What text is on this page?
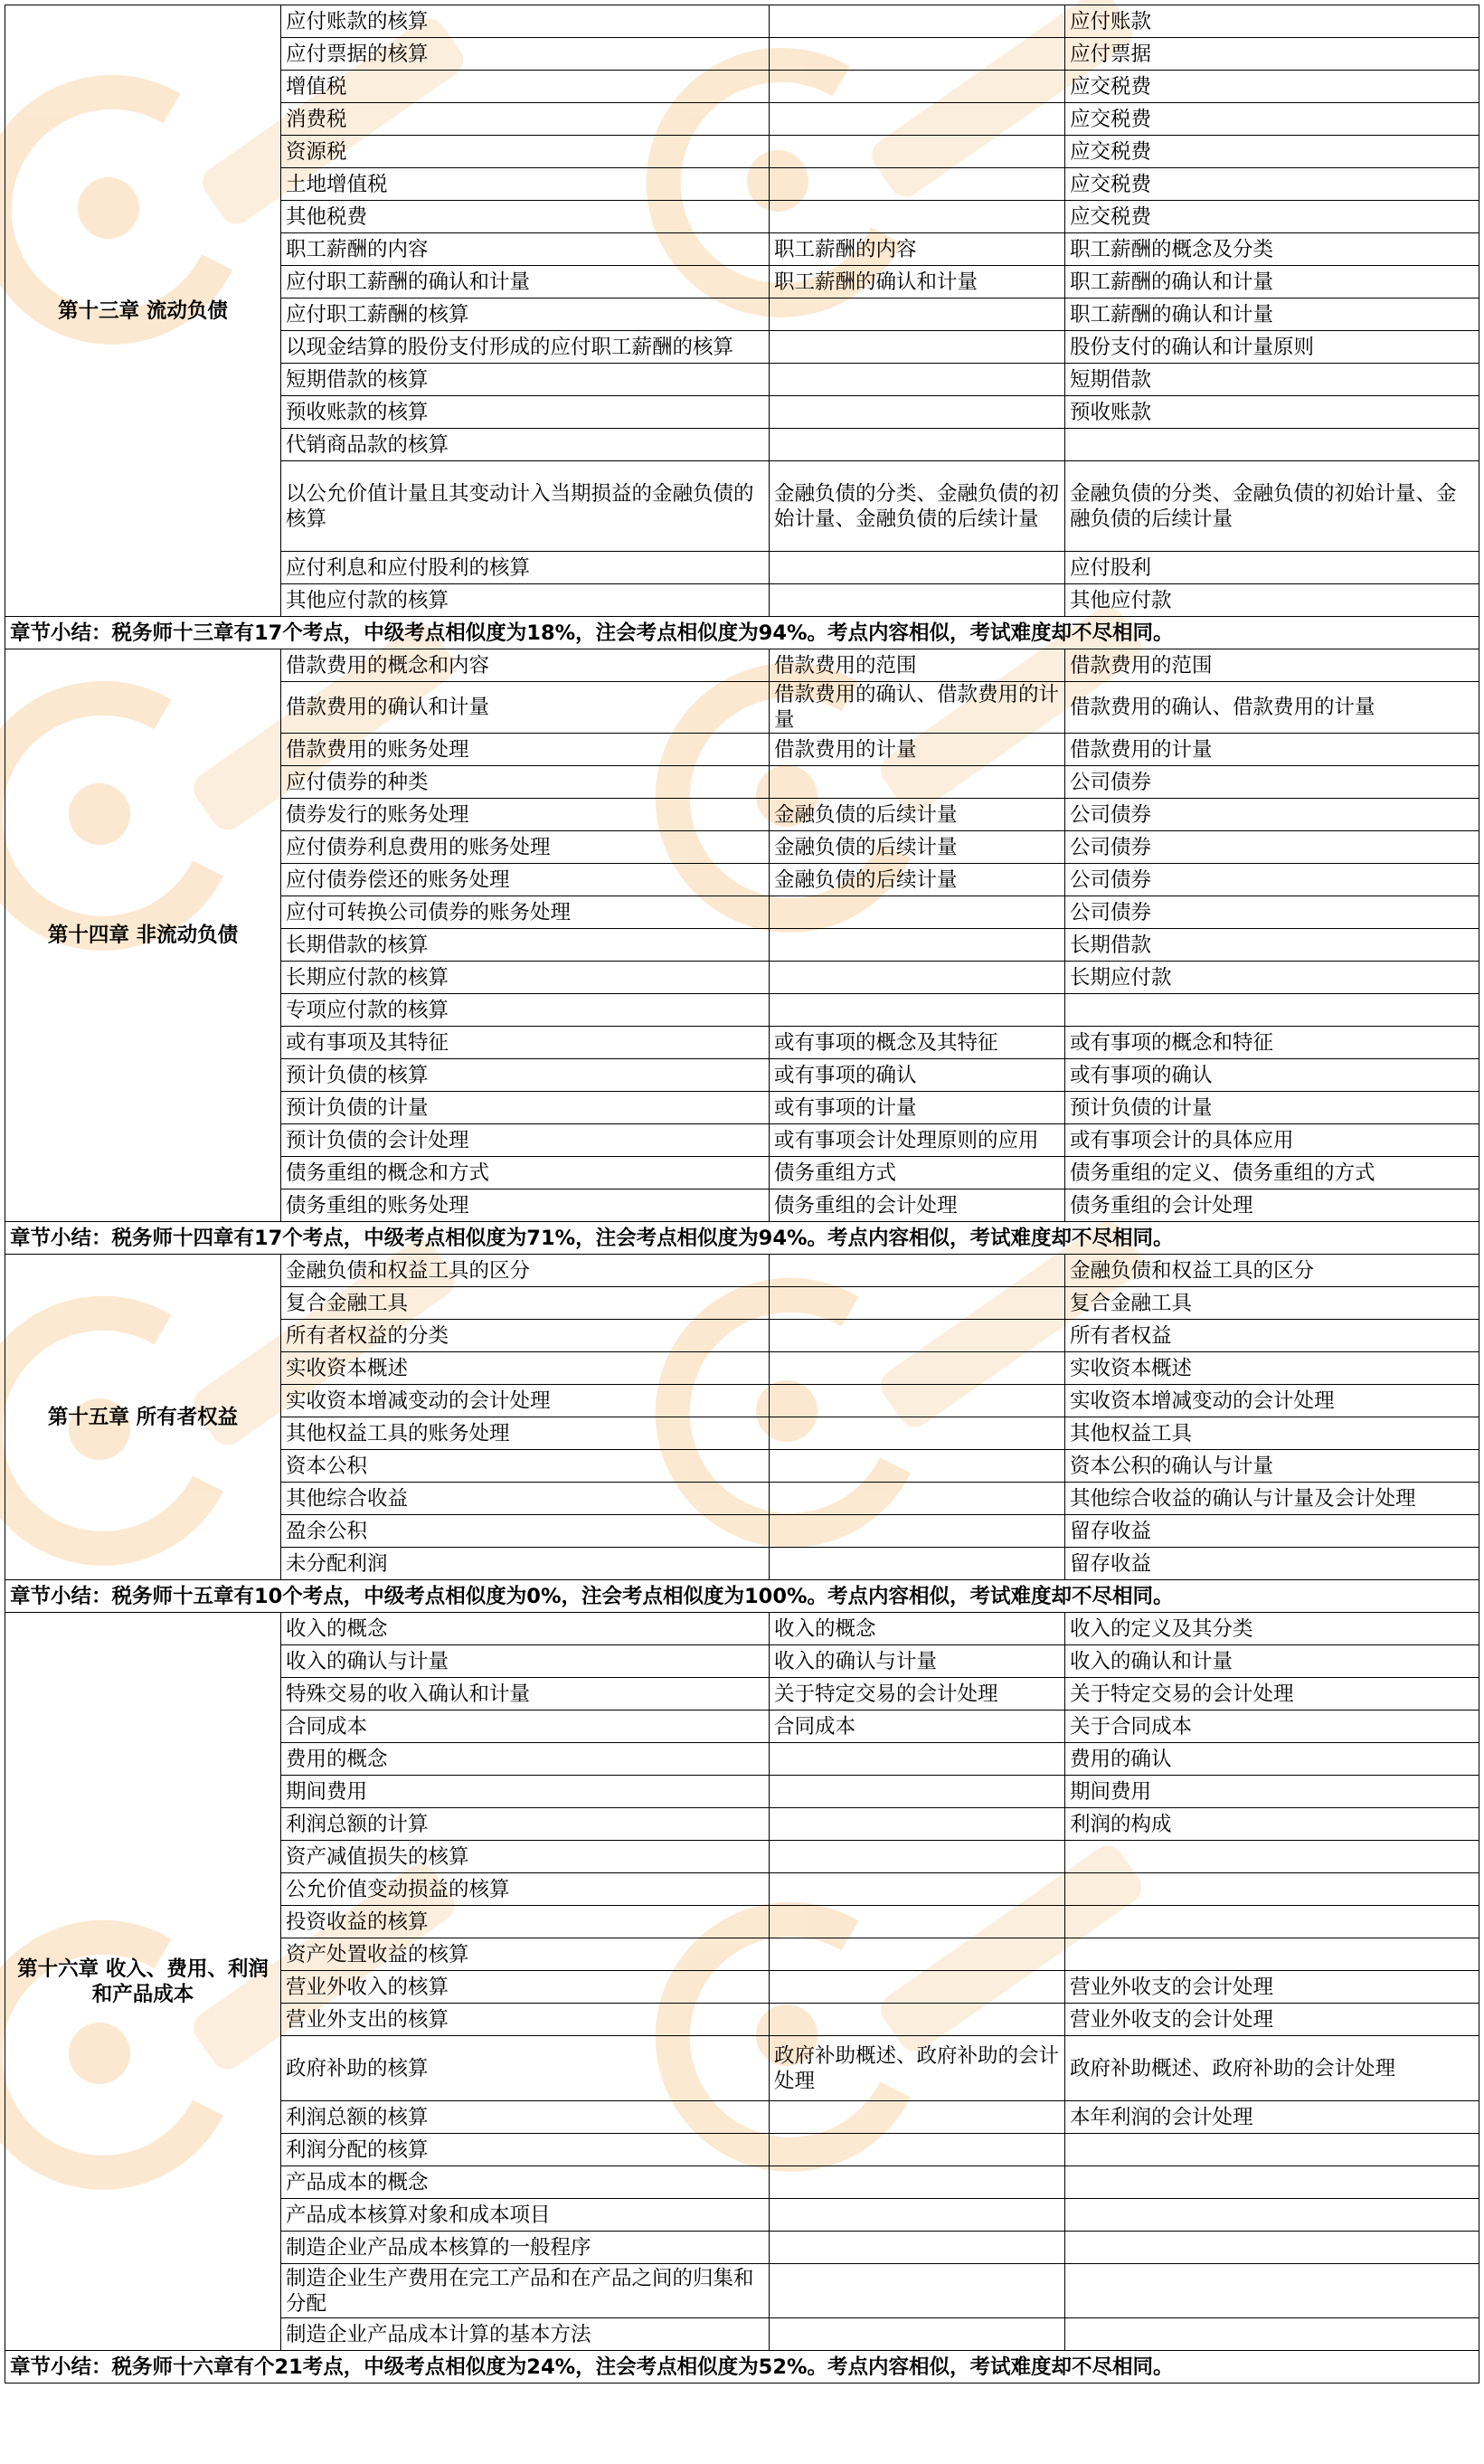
第十三章 流动负债	应付账款的核算		应付账款
	应付票据的核算		应付票据
	增值税		应交税费
	消费税		应交税费
	资源税		应交税费
	土地增值税		应交税费
	其他税费		应交税费
	职工薪酬的内容	职工薪酬的内容	职工薪酬的概念及分类
	应付职工薪酬的确认和计量	职工薪酬的确认和计量	职工薪酬的确认和计量
	应付职工薪酬的核算		职工薪酬的确认和计量
	以现金结算的股份支付形成的应付职工薪酬的核算		股份支付的确认和计量原则
	短期借款的核算		短期借款
	预收账款的核算		预收账款
	代销商品款的核算		
	以公允价值计量且其变动计入当期损益的金融负债的核算	金融负债的分类、金融负债的初始计量、金融负债的后续计量	金融负债的分类、金融负债的初始计量、金融负债的后续计量
	应付利息和应付股利的核算		应付股利
	其他应付款的核算		其他应付款
章节小结：税务师十三章有17个考点，中级考点相似度为18%，注会考点相似度为94%。考点内容相似，考试难度却不尽相同。			
第十四章 非流动负债	借款费用的概念和内容	借款费用的范围	借款费用的范围
	借款费用的确认和计量	借款费用的确认、借款费用的计量	借款费用的确认、借款费用的计量
	借款费用的账务处理	借款费用的计量	借款费用的计量
	应付债券的种类		公司债券
	债券发行的账务处理	金融负债的后续计量	公司债券
	应付债券利息费用的账务处理	金融负债的后续计量	公司债券
	应付债券偿还的账务处理	金融负债的后续计量	公司债券
	应付可转换公司债券的账务处理		公司债券
	长期借款的核算		长期借款
	长期应付款的核算		长期应付款
	专项应付款的核算		
	或有事项及其特征	或有事项的概念及其特征	或有事项的概念和特征
	预计负债的核算	或有事项的确认	或有事项的确认
	预计负债的计量	或有事项的计量	预计负债的计量
	预计负债的会计处理	或有事项会计处理原则的应用	或有事项会计的具体应用
	债务重组的概念和方式	债务重组方式	债务重组的定义、债务重组的方式
	债务重组的账务处理	债务重组的会计处理	债务重组的会计处理
章节小结：税务师十四章有17个考点，中级考点相似度为71%，注会考点相似度为94%。考点内容相似，考试难度却不尽相同。			
第十五章 所有者权益	金融负债和权益工具的区分		金融负债和权益工具的区分
	复合金融工具		复合金融工具
	所有者权益的分类		所有者权益
	实收资本概述		实收资本概述
	实收资本增减变动的会计处理		实收资本增减变动的会计处理
	其他权益工具的账务处理		其他权益工具
	资本公积		资本公积的确认与计量
	其他综合收益		其他综合收益的确认与计量及会计处理
	盈余公积		留存收益
	未分配利润		留存收益
章节小结：税务师十五章有10个考点，中级考点相似度为0%，注会考点相似度为100%。考点内容相似，考试难度却不尽相同。			
第十六章 收入、费用、利润和产品成本	收入的概念	收入的概念	收入的定义及其分类
	收入的确认与计量	收入的确认与计量	收入的确认和计量
	特殊交易的收入确认和计量	关于特定交易的会计处理	关于特定交易的会计处理
	合同成本	合同成本	关于合同成本
	费用的概念		费用的确认
	期间费用		期间费用
	利润总额的计算		利润的构成
	资产减值损失的核算		
	公允价值变动损益的核算		
	投资收益的核算		
	资产处置收益的核算		
	营业外收入的核算		营业外收支的会计处理
	营业外支出的核算		营业外收支的会计处理
	政府补助的核算	政府补助概述、政府补助的会计处理	政府补助概述、政府补助的会计处理
	利润总额的核算		本年利润的会计处理
	利润分配的核算		
	产品成本的概念		
	产品成本核算对象和成本项目		
	制造企业产品成本核算的一般程序		
	制造企业生产费用在完工产品和在产品之间的归集和分配		
	制造企业产品成本计算的基本方法		
章节小结：税务师十六章有个21考点，中级考点相似度为24%，注会考点相似度为52%。考点内容相似，考试难度却不尽相同。			
